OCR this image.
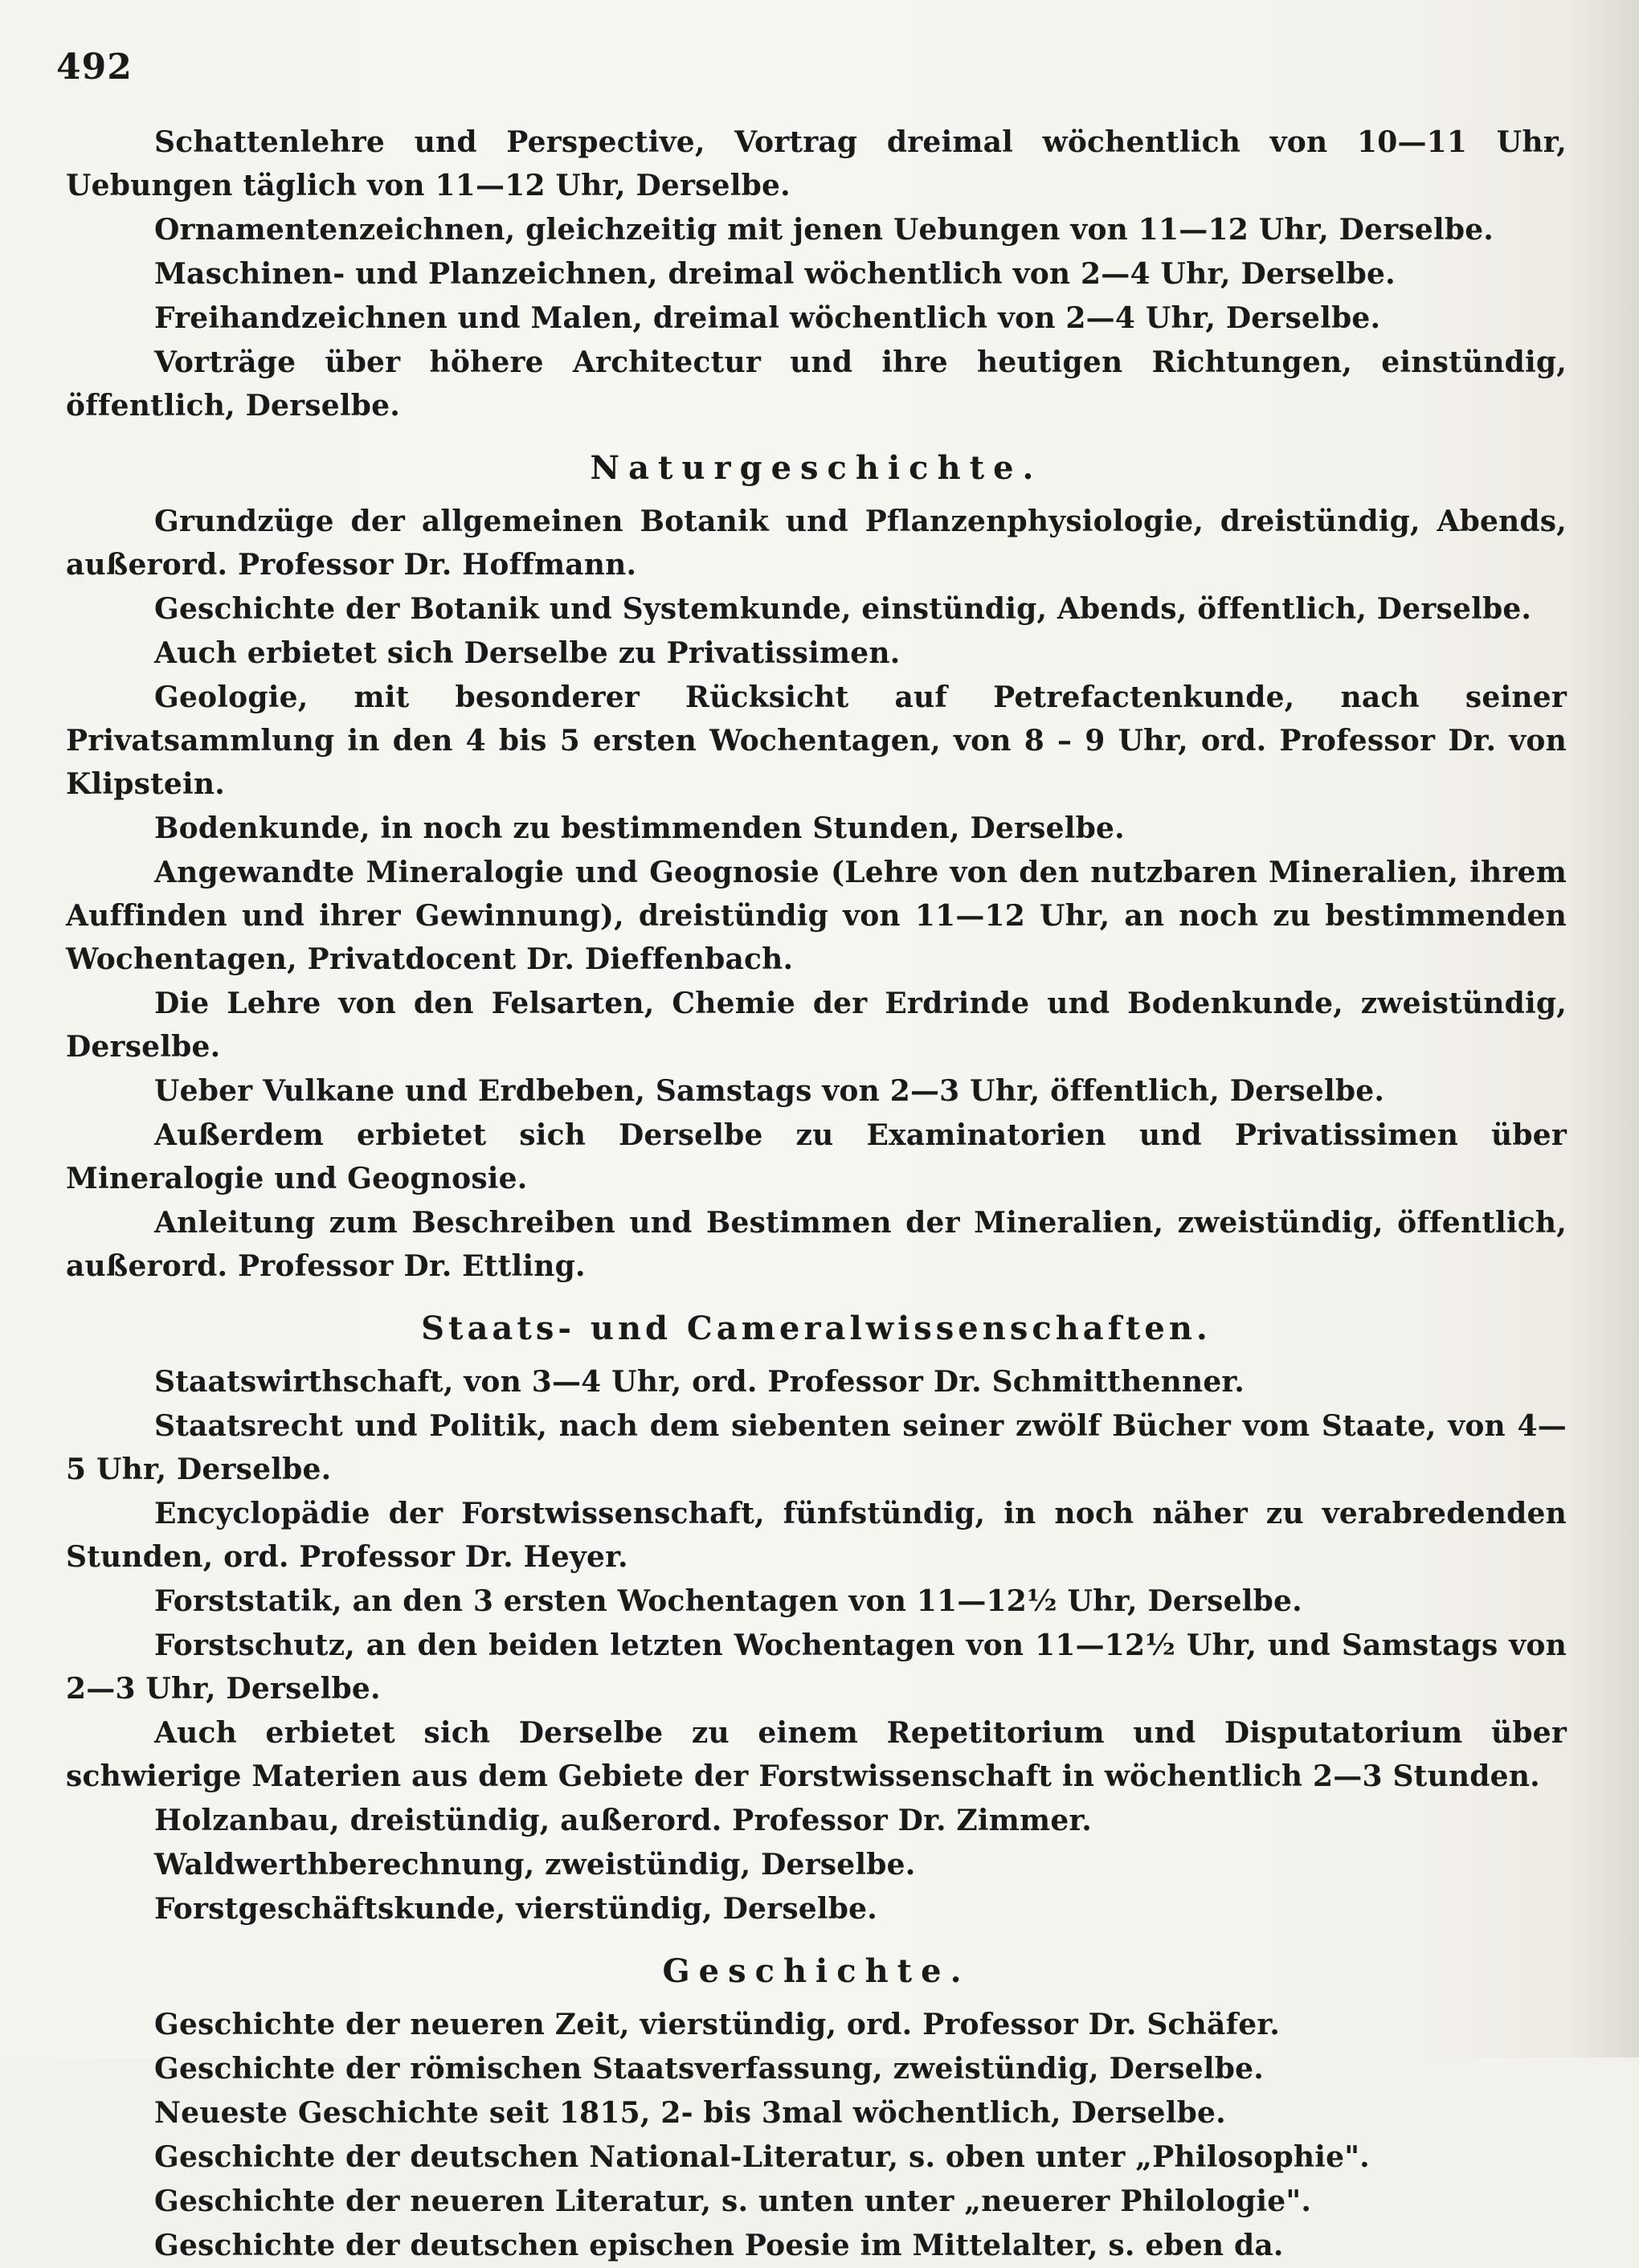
492

Schattenlehre und Perspective, Vortrag dreimal wöchentlich von 10—11 Uhr, Uebungen täglich von 11—12 Uhr, Derselbe.

Ornamentenzeichnen, gleichzeitig mit jenen Uebungen von 11—12 Uhr, Derselbe.

Maschinen- und Planzeichnen, dreimal wöchentlich von 2—4 Uhr, Derselbe.

Freihandzeichnen und Malen, dreimal wöchentlich von 2—4 Uhr, Derselbe.

Vorträge über höhere Architectur und ihre heutigen Richtungen, einstündig, öffentlich, Derselbe.

Naturgeschichte.

Grundzüge der allgemeinen Botanik und Pflanzenphysiologie, dreistündig, Abends, außerord. Professor Dr. Hoffmann.

Geschichte der Botanik und Systemkunde, einstündig, Abends, öffentlich, Derselbe.

Auch erbietet sich Derselbe zu Privatissimen.

Geologie, mit besonderer Rücksicht auf Petrefactenkunde, nach seiner Privatsammlung in den 4 bis 5 ersten Wochentagen, von 8 – 9 Uhr, ord. Professor Dr. von Klipstein.

Bodenkunde, in noch zu bestimmenden Stunden, Derselbe.

Angewandte Mineralogie und Geognosie (Lehre von den nutzbaren Mineralien, ihrem Auffinden und ihrer Gewinnung), dreistündig von 11—12 Uhr, an noch zu bestimmenden Wochentagen, Privatdocent Dr. Dieffenbach.

Die Lehre von den Felsarten, Chemie der Erdrinde und Bodenkunde, zweistündig, Derselbe.

Ueber Vulkane und Erdbeben, Samstags von 2—3 Uhr, öffentlich, Derselbe.

Außerdem erbietet sich Derselbe zu Examinatorien und Privatissimen über Mineralogie und Geognosie.

Anleitung zum Beschreiben und Bestimmen der Mineralien, zweistündig, öffentlich, außerord. Professor Dr. Ettling.

Staats- und Cameralwissenschaften.

Staatswirthschaft, von 3—4 Uhr, ord. Professor Dr. Schmitthenner.

Staatsrecht und Politik, nach dem siebenten seiner zwölf Bücher vom Staate, von 4—5 Uhr, Derselbe.

Encyclopädie der Forstwissenschaft, fünfstündig, in noch näher zu verabredenden Stunden, ord. Professor Dr. Heyer.

Forststatik, an den 3 ersten Wochentagen von 11—12½ Uhr, Derselbe.

Forstschutz, an den beiden letzten Wochentagen von 11—12½ Uhr, und Samstags von 2—3 Uhr, Derselbe.

Auch erbietet sich Derselbe zu einem Repetitorium und Disputatorium über schwierige Materien aus dem Gebiete der Forstwissenschaft in wöchentlich 2—3 Stunden.

Holzanbau, dreistündig, außerord. Professor Dr. Zimmer.

Waldwerthberechnung, zweistündig, Derselbe.

Forstgeschäftskunde, vierstündig, Derselbe.

Geschichte.

Geschichte der neueren Zeit, vierstündig, ord. Professor Dr. Schäfer.

Geschichte der römischen Staatsverfassung, zweistündig, Derselbe.

Neueste Geschichte seit 1815, 2- bis 3mal wöchentlich, Derselbe.

Geschichte der deutschen National-Literatur, s. oben unter „Philosophie".

Geschichte der neueren Literatur, s. unten unter „neuerer Philologie".

Geschichte der deutschen epischen Poesie im Mittelalter, s. eben da.
